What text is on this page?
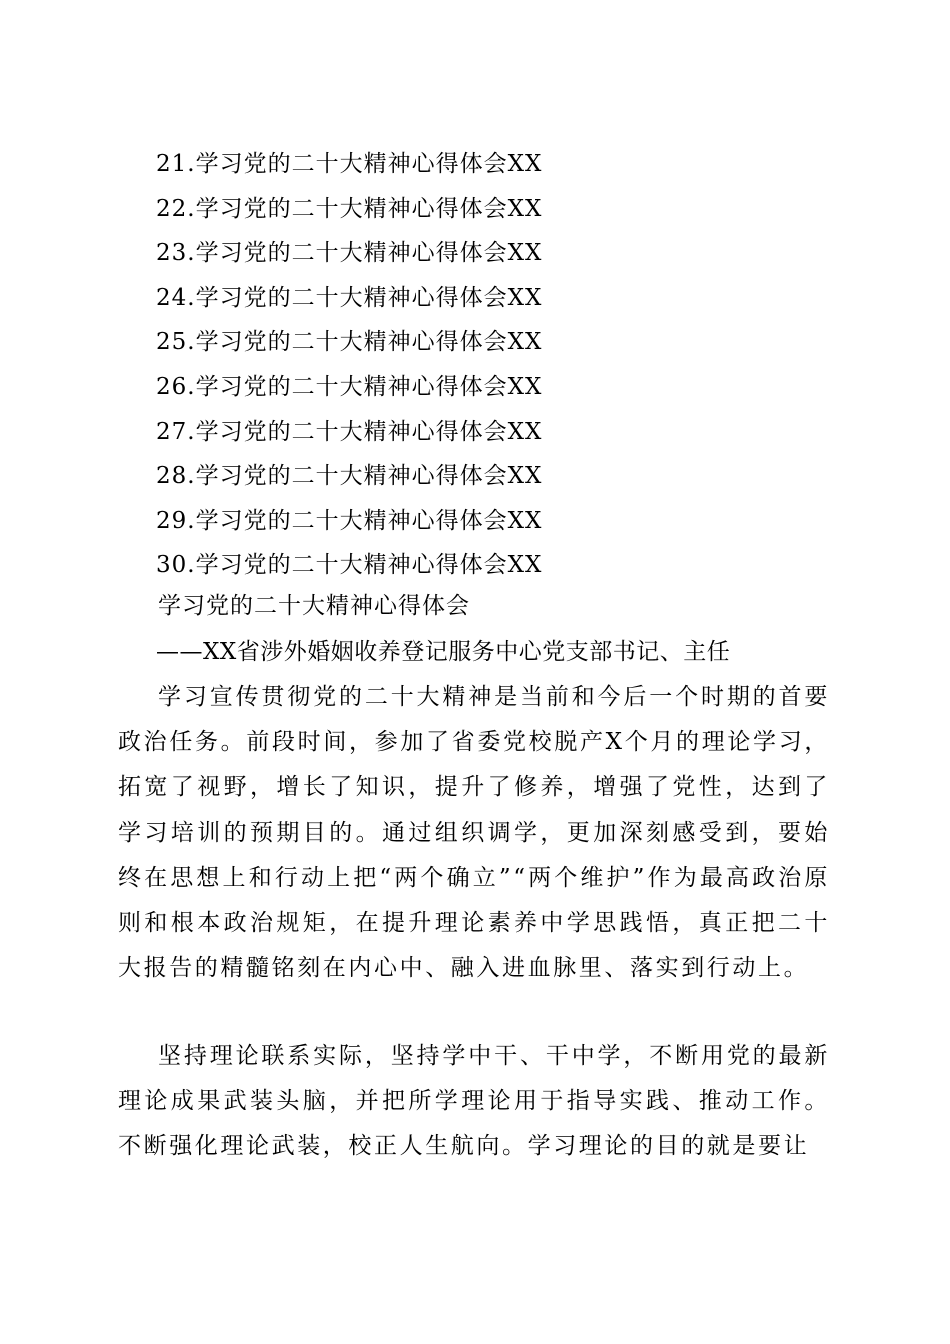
21.学习党的二十大精神心得体会XX
22.学习党的二十大精神心得体会XX
23.学习党的二十大精神心得体会XX
24.学习党的二十大精神心得体会XX
25.学习党的二十大精神心得体会XX
26.学习党的二十大精神心得体会XX
27.学习党的二十大精神心得体会XX
28.学习党的二十大精神心得体会XX
29.学习党的二十大精神心得体会XX
30.学习党的二十大精神心得体会XX
学习党的二十大精神心得体会
——XX省涉外婚姻收养登记服务中心党支部书记、主任

学习宣传贯彻党的二十大精神是当前和今后一个时期的首要政治任务。前段时间，参加了省委党校脱产X个月的理论学习，拓宽了视野，增长了知识，提升了修养，增强了党性，达到了学习培训的预期目的。通过组织调学，更加深刻感受到，要始终在思想上和行动上把“两个确立”“两个维护”作为最高政治原则和根本政治规矩，在提升理论素养中学思践悟，真正把二十大报告的精髓铭刻在内心中、融入进血脉里、落实到行动上。

坚持理论联系实际，坚持学中干、干中学，不断用党的最新理论成果武装头脑，并把所学理论用于指导实践、推动工作。不断强化理论武装，校正人生航向。学习理论的目的就是要让
